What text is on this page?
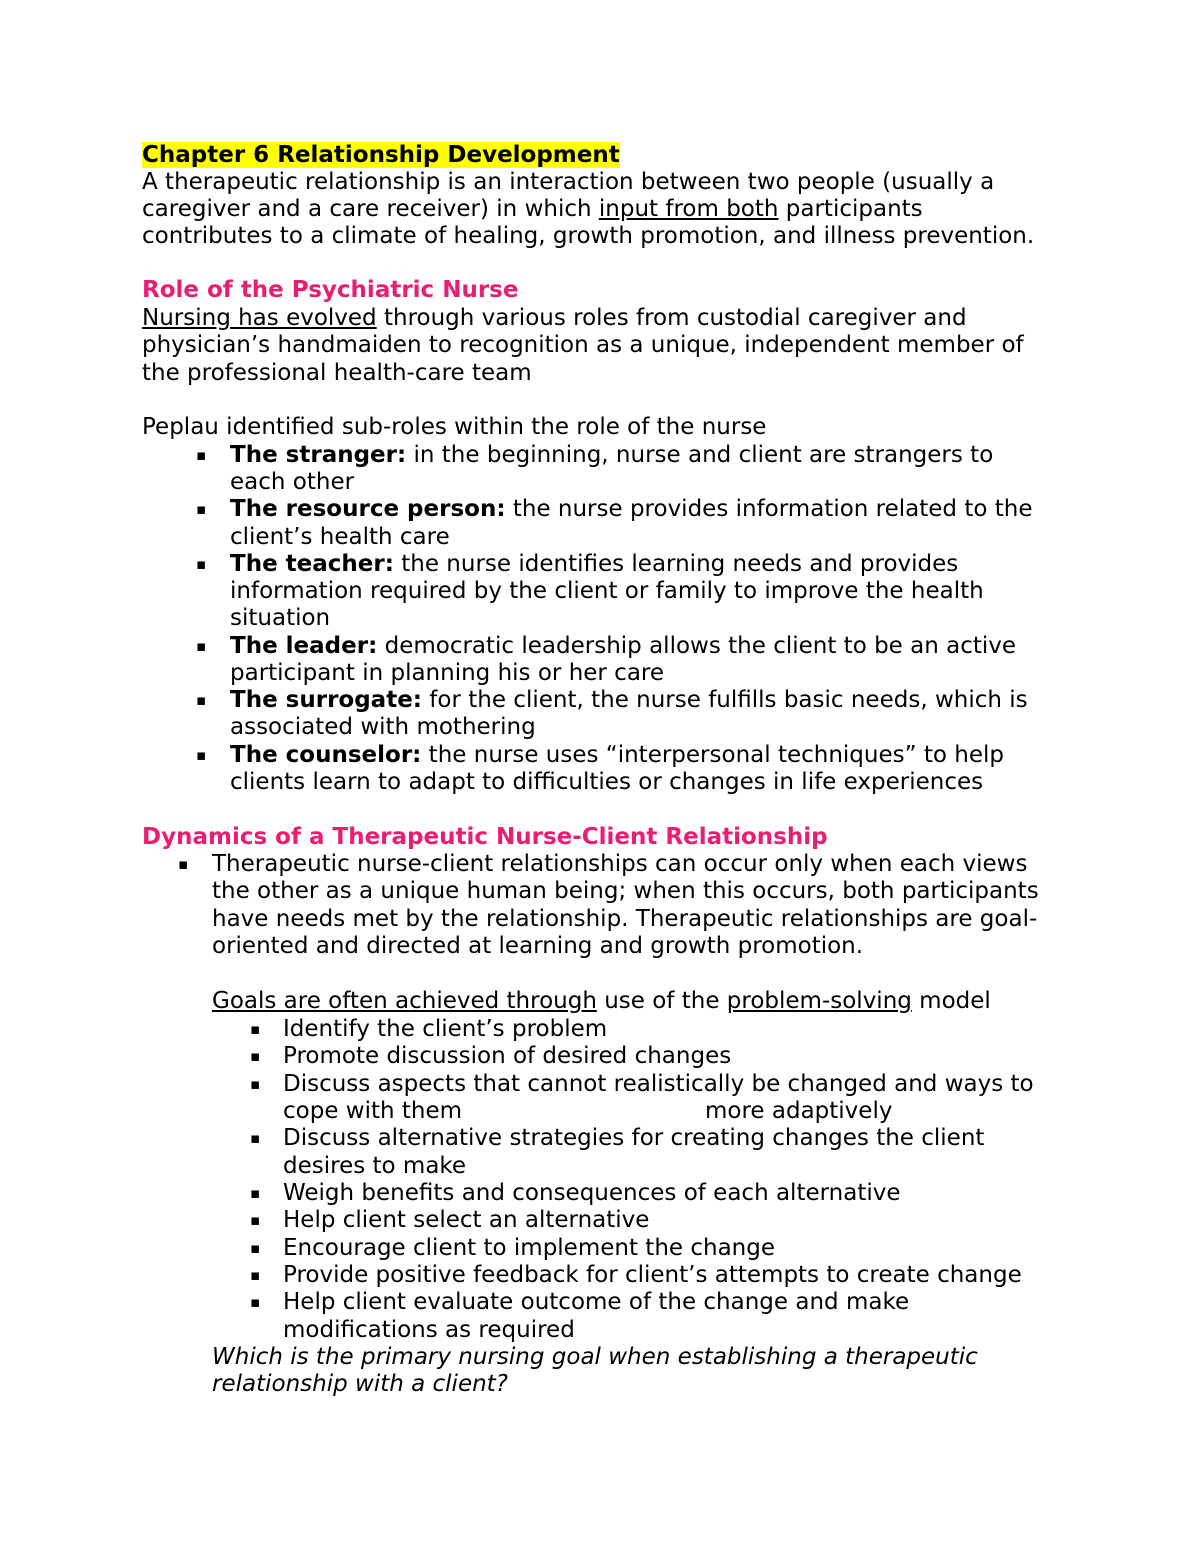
Chapter 6 Relationship Development
A therapeutic relationship is an interaction between two people (usually a
caregiver and a care receiver) in which input from both participants
contributes to a climate of healing, growth promotion, and illness prevention.
Role of the Psychiatric Nurse
Nursing has evolved through various roles from custodial caregiver and
physician’s handmaiden to recognition as a unique, independent member of
the professional health-care team
Peplau identified sub-roles within the role of the nurse
▪ The stranger: in the beginning, nurse and client are strangers to
each other
▪ The resource person: the nurse provides information related to the
client’s health care
▪ The teacher: the nurse identifies learning needs and provides
information required by the client or family to improve the health
situation
▪ The leader: democratic leadership allows the client to be an active
participant in planning his or her care
▪ The surrogate: for the client, the nurse fulfills basic needs, which is
associated with mothering
▪ The counselor: the nurse uses “interpersonal techniques” to help
clients learn to adapt to difficulties or changes in life experiences
Dynamics of a Therapeutic Nurse-Client Relationship
▪ Therapeutic nurse-client relationships can occur only when each views
the other as a unique human being; when this occurs, both participants
have needs met by the relationship. Therapeutic relationships are goal-
oriented and directed at learning and growth promotion.
Goals are often achieved through use of the problem-solving model
▪ Identify the client’s problem
▪ Promote discussion of desired changes
▪ Discuss aspects that cannot realistically be changed and ways to
cope with them	more adaptively
▪ Discuss alternative strategies for creating changes the client
desires to make
▪ Weigh benefits and consequences of each alternative
▪ Help client select an alternative
▪ Encourage client to implement the change
▪ Provide positive feedback for client’s attempts to create change
▪ Help client evaluate outcome of the change and make
modifications as required
Which is the primary nursing goal when establishing a therapeutic
relationship with a client?
